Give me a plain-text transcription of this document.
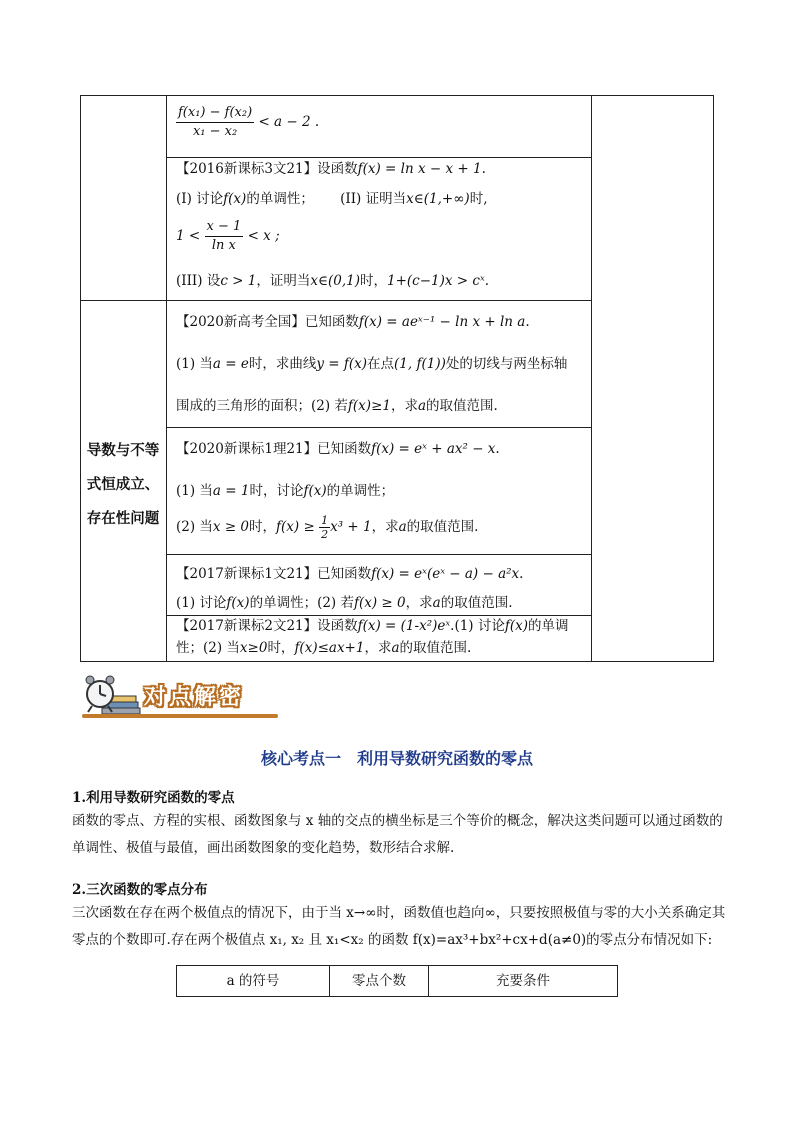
导数与不等
式恒成立、
存在性问题
$\frac{\text{f(x₁) − f(x₂)}}{\text{x₁ − x₂}} < a - 2$ .
【2016新课标3文21】设函数f(x) = ln x − x + 1.
(I) 讨论f(x)的单调性； (II) 证明当x∈(1,+∞)时,
$1 < \frac{x - 1}{\text{ln x}} < x$ ;
(III) 设c > 1，证明当x∈(0,1)时，1+(c−1)x > cˣ.
【2020新高考全国】已知函数f(x) = aeˣ⁻¹ − ln x + ln a.
(1) 当a = e时，求曲线y = f(x)在点(1, f(1))处的切线与两坐标轴
围成的三角形的面积；(2) 若f(x)≥1，求a的取值范围.
【2020新课标1理21】已知函数f(x) = eˣ + ax² − x.
(1) 当a = 1时，讨论f(x)的单调性；
(2) 当x ≥ 0时，$f(x) \ge \frac{1}{2} x^3 + 1$，求a的取值范围.
【2017新课标1文21】已知函数f(x) = eˣ(eˣ − a) − a²x.
(1) 讨论f(x)的单调性；(2) 若f(x) ≥ 0，求a的取值范围.
【2017新课标2文21】设函数f(x) = (1-x²)eˣ.(1) 讨论f(x)的单调
性；(2) 当x≥0时，f(x)≤ax+1，求a的取值范围.
对点解密
核心考点一　利用导数研究函数的零点
1.利用导数研究函数的零点
函数的零点、方程的实根、函数图象与 x 轴的交点的横坐标是三个等价的概念，解决这类问题可以通过函数的单调性、极值与最值，画出函数图象的变化趋势，数形结合求解.
2.三次函数的零点分布
三次函数在存在两个极值点的情况下，由于当 x→∞时，函数值也趋向∞，只要按照极值与零的大小关系确定其零点的个数即可.存在两个极值点 x₁, x₂ 且 x₁<x₂ 的函数 f(x)=ax³+bx²+cx+d(a≠0)的零点分布情况如下:
a 的符号	零点个数	充要条件
